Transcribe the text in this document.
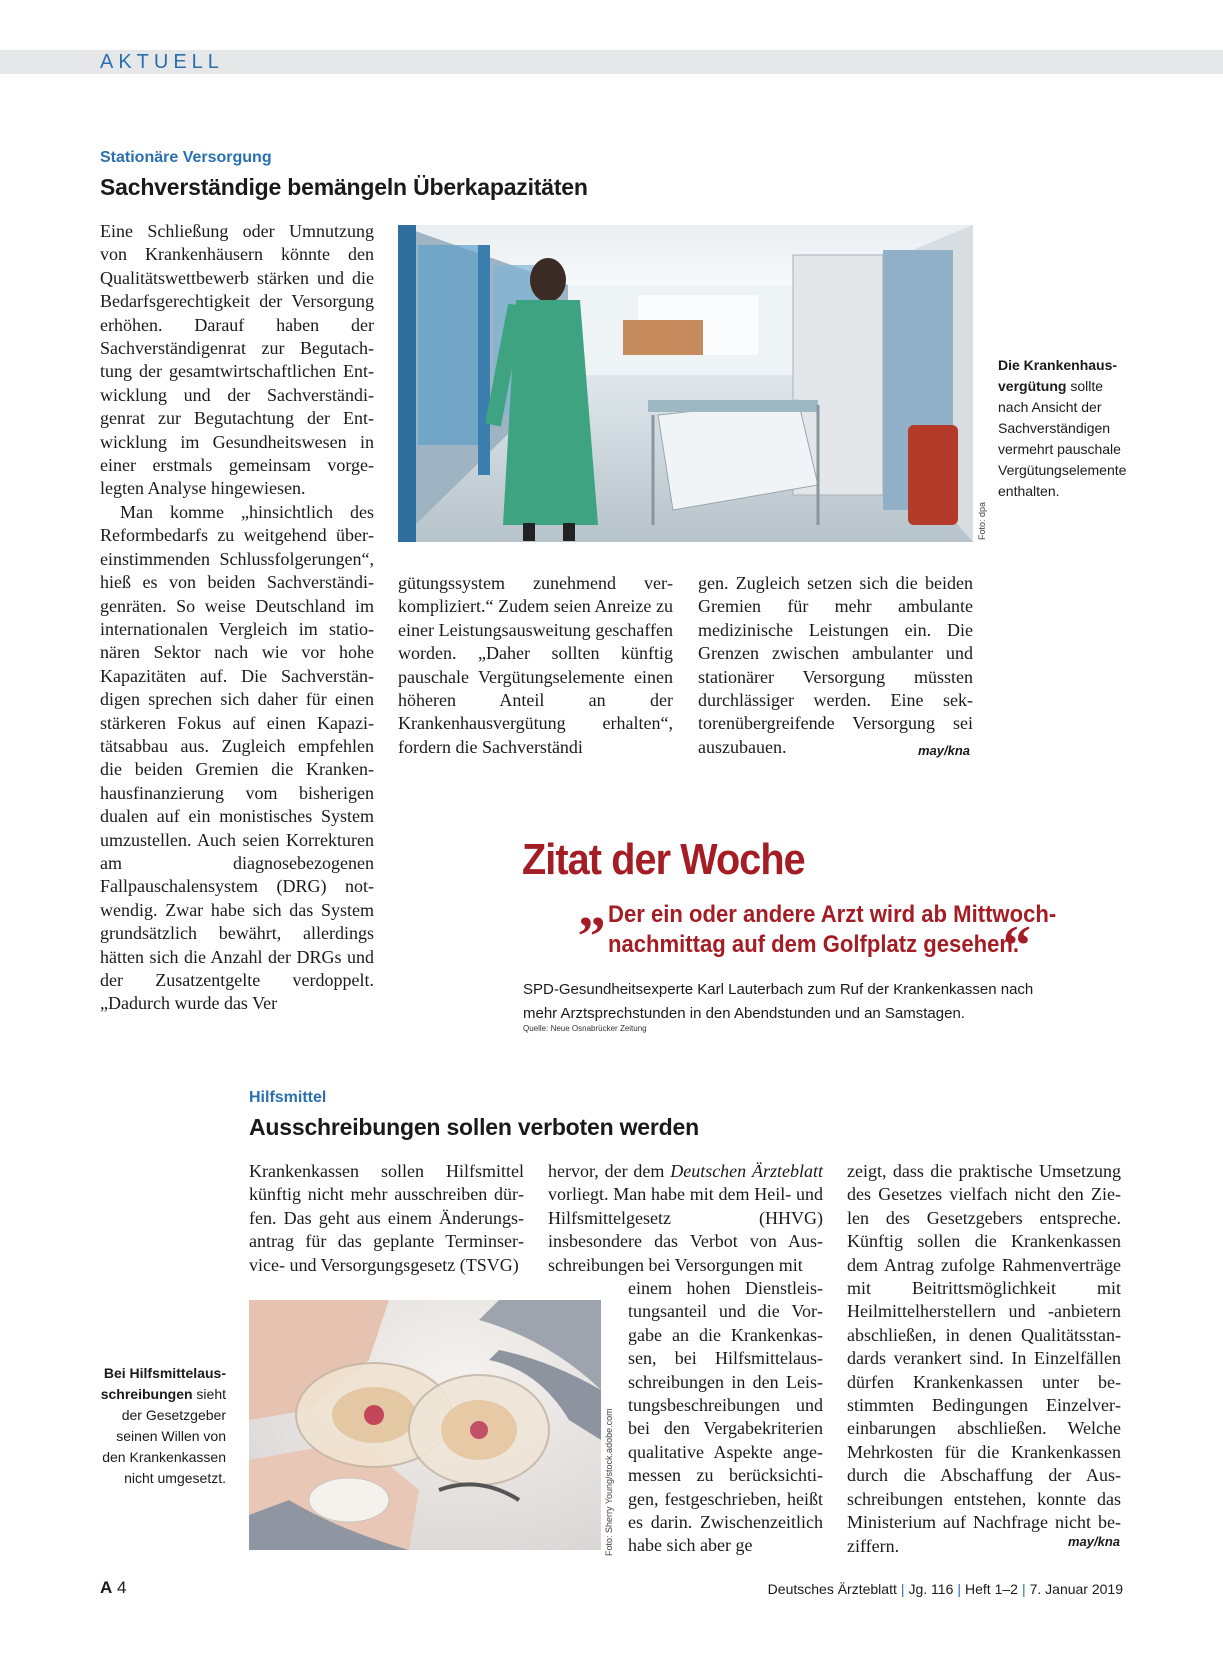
AKTUELL
Stationäre Versorgung
Sachverständige bemängeln Überkapazitäten

Eine Schließung oder Umnutzung von Krankenhäusern könnte den Qualitätswettbewerb stärken und die Bedarfsgerechtigkeit der Versorgung erhöhen. Darauf haben der Sachverständigenrat zur Begutachtung der gesamtwirtschaftlichen Entwicklung und der Sachverständigenrat zur Begutachtung der Entwicklung im Gesundheitswesen in einer erstmals gemeinsam vorgelegten Analyse hingewiesen.

Man komme „hinsichtlich des Reformbedarfs zu weitgehend übereinstimmenden Schlussfolgerungen“, hieß es von beiden Sachverständigenräten. So weise Deutschland im internationalen Vergleich im stationären Sektor nach wie vor hohe Kapazitäten auf. Die Sachverständigen sprechen sich daher für einen stärkeren Fokus auf einen Kapazitätsabbau aus. Zugleich empfehlen die beiden Gremien die Krankenhausfinanzierung vom bisherigen dualen auf ein monistisches System umzustellen. Auch seien Korrekturen am diagnosebezogenen Fallpauschalensystem (DRG) notwendig. Zwar habe sich das System grundsätzlich bewährt, allerdings hätten sich die Anzahl der DRGs und der Zusatzentgelte verdoppelt. „Dadurch wurde das Ver

Foto: dpa
Die Krankenhausvergütung sollte nach Ansicht der Sachverständigen vermehrt pauschale Vergütungselemente enthalten.

gütungssystem zunehmend verkompliziert.“ Zudem seien Anreize zu einer Leistungsausweitung geschaffen worden. „Daher sollten künftig pauschale Vergütungselemente einen höheren Anteil an der Krankenhausvergütung erhalten“, fordern die Sachverständi

gen. Zugleich setzen sich die beiden Gremien für mehr ambulante medizinische Leistungen ein. Die Grenzen zwischen ambulanter und stationärer Versorgung müssten durchlässiger werden. Eine sektorenübergreifende Versorgung sei auszubauen.	may/kna
Zitat der Woche
„ Der ein oder andere Arzt wird ab Mittwochnachmittag auf dem Golfplatz gesehen.
“
SPD-Gesundheitsexperte Karl Lauterbach zum Ruf der Krankenkassen nach mehr Arztsprechstunden in den Abendstunden und an Samstagen.
Quelle: Neue Osnabrücker Zeitung
Hilfsmittel
Ausschreibungen sollen verboten werden

Krankenkassen sollen Hilfsmittel künftig nicht mehr ausschreiben dürfen. Das geht aus einem Änderungsantrag für das geplante Terminservice- und Versorgungsgesetz (TSVG)

hervor, der dem Deutschen Ärzteblatt vorliegt. Man habe mit dem Heil- und Hilfsmittelgesetz (HHVG) insbesondere das Verbot von Ausschreibungen bei Versorgungen mit

einem hohen Dienstleistungsanteil und die Vorgabe an die Krankenkassen, bei Hilfsmittelausschreibungen in den Leistungsbeschreibungen und bei den Vergabekriterien qualitative Aspekte angemessen zu berücksichtigen, festgeschrieben, heißt es darin. Zwischenzeitlich habe sich aber ge

zeigt, dass die praktische Umsetzung des Gesetzes vielfach nicht den Zielen des Gesetzgebers entspreche. Künftig sollen die Krankenkassen dem Antrag zufolge Rahmenverträge mit Beitrittsmöglichkeit mit Heilmittelherstellern und -anbietern abschließen, in denen Qualitätsstandards verankert sind. In Einzelfällen dürfen Krankenkassen unter bestimmten Bedingungen Einzelvereinbarungen abschließen. Welche Mehrkosten für die Krankenkassen durch die Abschaffung der Ausschreibungen entstehen, konnte das Ministerium auf Nachfrage nicht beziffern.	may/kna
Foto: Sherry Young/stock.adobe.com
Bei Hilfsmittelausschreibungen sieht der Gesetzgeber seinen Willen von den Krankenkassen nicht umgesetzt.
A 4	Deutsches Ärzteblatt | Jg. 116 | Heft 1–2 | 7. Januar 2019
